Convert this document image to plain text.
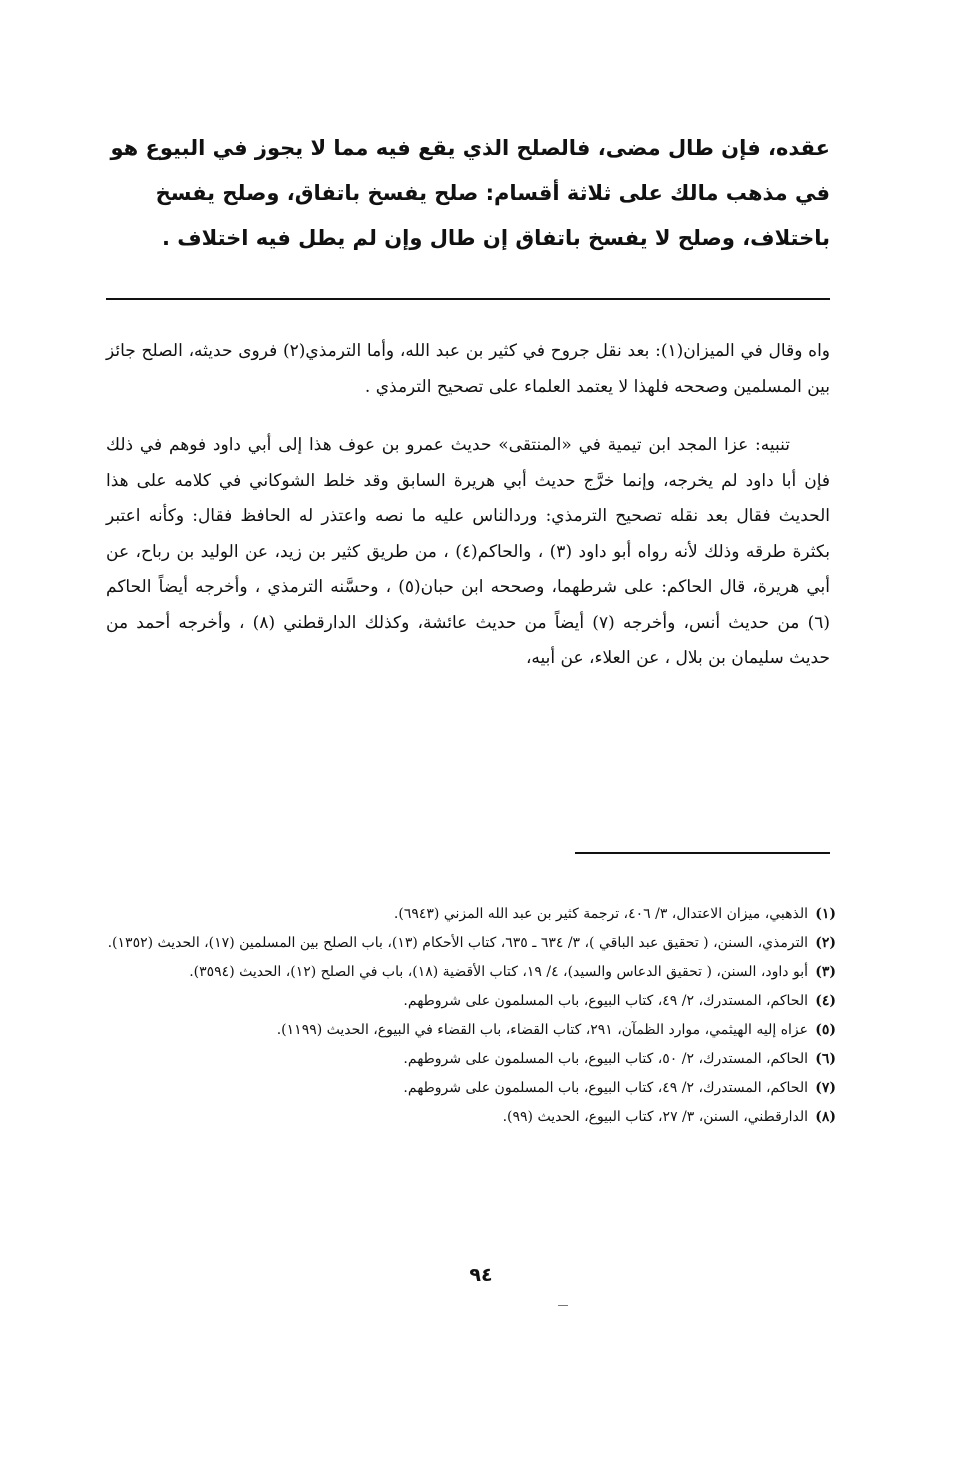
عقده، فإن طال مضى، فالصلح الذي يقع فيه مما لا يجوز في البيوع هو

في مذهب مالك على ثلاثة أقسام: صلح يفسخ باتفاق، وصلح يفسخ

باختلاف، وصلح لا يفسخ باتفاق إن طال وإن لم يطل فيه اختلاف .

واه وقال في الميزان(١): بعد نقل جروح في كثير بن عبد الله، وأما الترمذي(٢) فروى حديثه، الصلح جائز بين المسلمين وصححه فلهذا لا يعتمد العلماء على تصحيح الترمذي .

تنبيه: عزا المجد ابن تيمية في «المنتقى» حديث عمرو بن عوف هذا إلى أبي داود فوهم في ذلك فإن أبا داود لم يخرجه، وإنما خرَّج حديث أبي هريرة السابق وقد خلط الشوكاني في كلامه على هذا الحديث فقال بعد نقله تصحيح الترمذي: وردالناس عليه ما نصه واعتذر له الحافظ فقال: وكأنه اعتبر بكثرة طرقه وذلك لأنه رواه أبو داود (٣) ، والحاكم(٤) ، من طريق كثير بن زيد، عن الوليد بن رباح، عن أبي هريرة، قال الحاكم: على شرطهما، وصححه ابن حبان(٥) ، وحسَّنه الترمذي ، وأخرجه أيضاً الحاكم (٦) من حديث أنس، وأخرجه (٧) أيضاً من حديث عائشة، وكذلك الدارقطني (٨) ، وأخرجه أحمد من حديث سليمان بن بلال ، عن العلاء، عن أبيه،

(١)
الذهبي، ميزان الاعتدال، ٣/ ٤٠٦، ترجمة كثير بن عبد الله المزني (٦٩٤٣).

(٢)
الترمذي، السنن، ( تحقيق عبد الباقي )، ٣/ ٦٣٤ ـ ٦٣٥، كتاب الأحكام (١٣)، باب الصلح بين المسلمين (١٧)، الحديث (١٣٥٢).

(٣)
أبو داود، السنن، ( تحقيق الدعاس والسيد)، ٤/ ١٩، كتاب الأقضية (١٨)، باب في الصلح (١٢)، الحديث (٣٥٩٤).

(٤)
الحاكم، المستدرك، ٢/ ٤٩، كتاب البيوع، باب المسلمون على شروطهم.

(٥)
عزاه إليه الهيثمي، موارد الظمآن، ٢٩١، كتاب القضاء، باب القضاء في البيوع، الحديث (١١٩٩).

(٦)
الحاكم، المستدرك، ٢/ ٥٠، كتاب البيوع، باب المسلمون على شروطهم.

(٧)
الحاكم، المستدرك، ٢/ ٤٩، كتاب البيوع، باب المسلمون على شروطهم.

(٨)
الدارقطني، السنن، ٣/ ٢٧، كتاب البيوع، الحديث (٩٩).

٩٤
